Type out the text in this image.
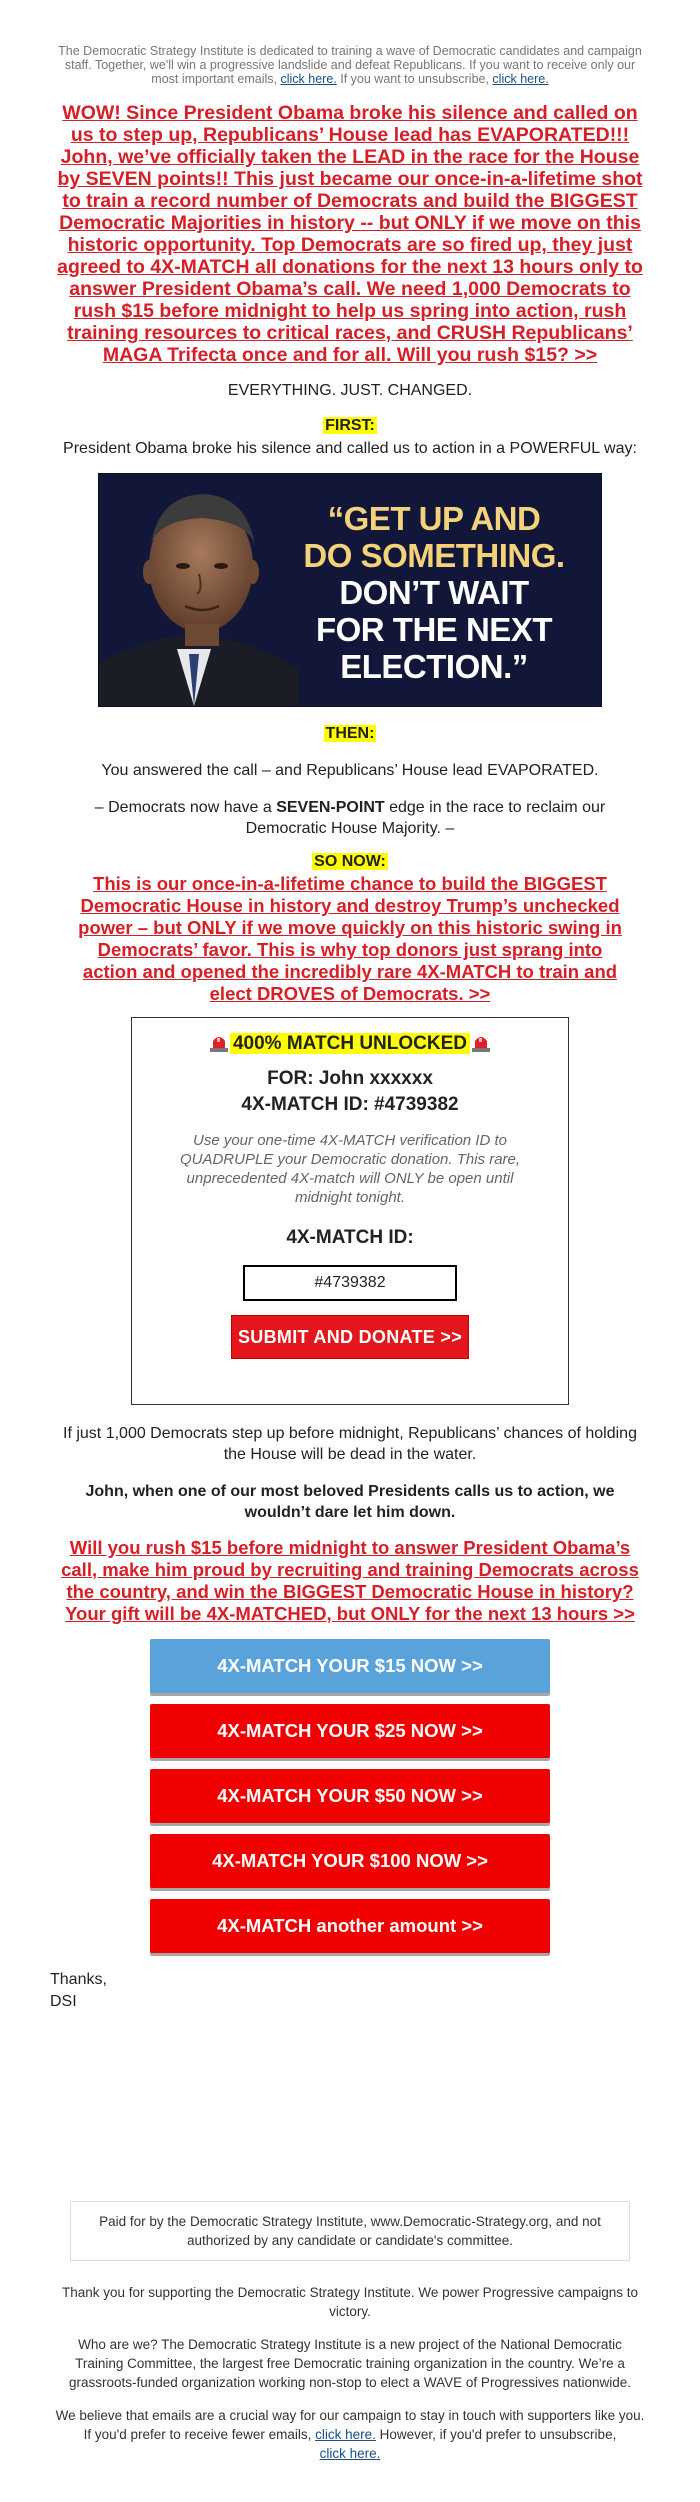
The Democratic Strategy Institute is dedicated to training a wave of Democratic candidates and campaign staff. Together, we'll win a progressive landslide and defeat Republicans. If you want to receive only our most important emails, click here. If you want to unsubscribe, click here.
WOW! Since President Obama broke his silence and called on us to step up, Republicans’ House lead has EVAPORATED!!! John, we’ve officially taken the LEAD in the race for the House by SEVEN points!! This just became our once-in-a-lifetime shot to train a record number of Democrats and build the BIGGEST Democratic Majorities in history -- but ONLY if we move on this historic opportunity. Top Democrats are so fired up, they just agreed to 4X-MATCH all donations for the next 13 hours only to answer President Obama’s call. We need 1,000 Democrats to rush $15 before midnight to help us spring into action, rush training resources to critical races, and CRUSH Republicans’ MAGA Trifecta once and for all. Will you rush $15? >>

EVERYTHING. JUST. CHANGED.

FIRST:

President Obama broke his silence and called us to action in a POWERFUL way:

“GET UP AND
DO SOMETHING.
DON’T WAIT
FOR THE NEXT
ELECTION.”

THEN:

You answered the call – and Republicans’ House lead EVAPORATED.

– Democrats now have a SEVEN-POINT edge in the race to reclaim our Democratic House Majority. –

SO NOW:

This is our once-in-a-lifetime chance to build the BIGGEST Democratic House in history and destroy Trump’s unchecked power – but ONLY if we move quickly on this historic swing in Democrats’ favor. This is why top donors just sprang into action and opened the incredibly rare 4X-MATCH to train and elect DROVES of Democrats. >>
400% MATCH UNLOCKED
FOR: John xxxxxx
4X-MATCH ID: #4739382
Use your one-time 4X-MATCH verification ID to QUADRUPLE your Democratic donation. This rare, unprecedented 4X-match will ONLY be open until midnight tonight.
4X-MATCH ID:
#4739382
SUBMIT AND DONATE >>

If just 1,000 Democrats step up before midnight, Republicans’ chances of holding the House will be dead in the water.

John, when one of our most beloved Presidents calls us to action, we wouldn’t dare let him down.

Will you rush $15 before midnight to answer President Obama’s call, make him proud by recruiting and training Democrats across the country, and win the BIGGEST Democratic House in history? Your gift will be 4X-MATCHED, but ONLY for the next 13 hours >>
4X-MATCH YOUR $15 NOW >>
4X-MATCH YOUR $25 NOW >>
4X-MATCH YOUR $50 NOW >>
4X-MATCH YOUR $100 NOW >>
4X-MATCH another amount >>
Thanks,
DSI
Paid for by the Democratic Strategy Institute, www.Democratic-Strategy.org, and not authorized by any candidate or candidate's committee.

Thank you for supporting the Democratic Strategy Institute. We power Progressive campaigns to victory.

Who are we? The Democratic Strategy Institute is a new project of the National Democratic Training Committee, the largest free Democratic training organization in the country. We’re a grassroots-funded organization working non-stop to elect a WAVE of Progressives nationwide.

We believe that emails are a crucial way for our campaign to stay in touch with supporters like you. If you'd prefer to receive fewer emails, click here. However, if you'd prefer to unsubscribe,
click here.
